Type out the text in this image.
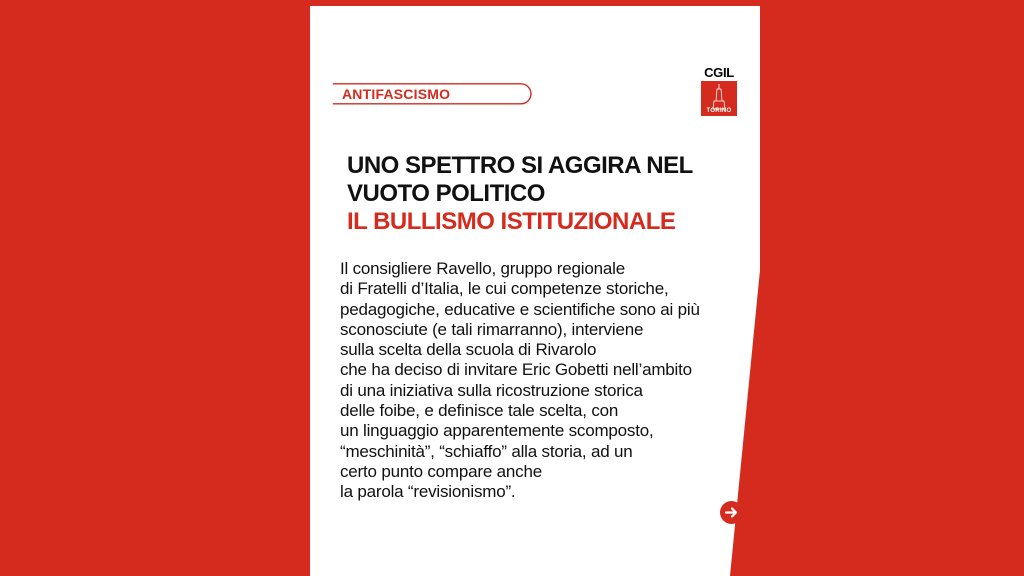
ANTIFASCISMO
CGIL
TORINO
UNO SPETTRO SI AGGIRA NEL
VUOTO POLITICO
IL BULLISMO ISTITUZIONALE
Il consigliere Ravello, gruppo regionale
di Fratelli d’Italia, le cui competenze storiche,
pedagogiche, educative e scientifiche sono ai più
sconosciute (e tali rimarranno), interviene
sulla scelta della scuola di Rivarolo
che ha deciso di invitare Eric Gobetti nell’ambito
di una iniziativa sulla ricostruzione storica
delle foibe, e definisce tale scelta, con
un linguaggio apparentemente scomposto,
“meschinità”, “schiaffo” alla storia, ad un
certo punto compare anche
la parola “revisionismo”.
